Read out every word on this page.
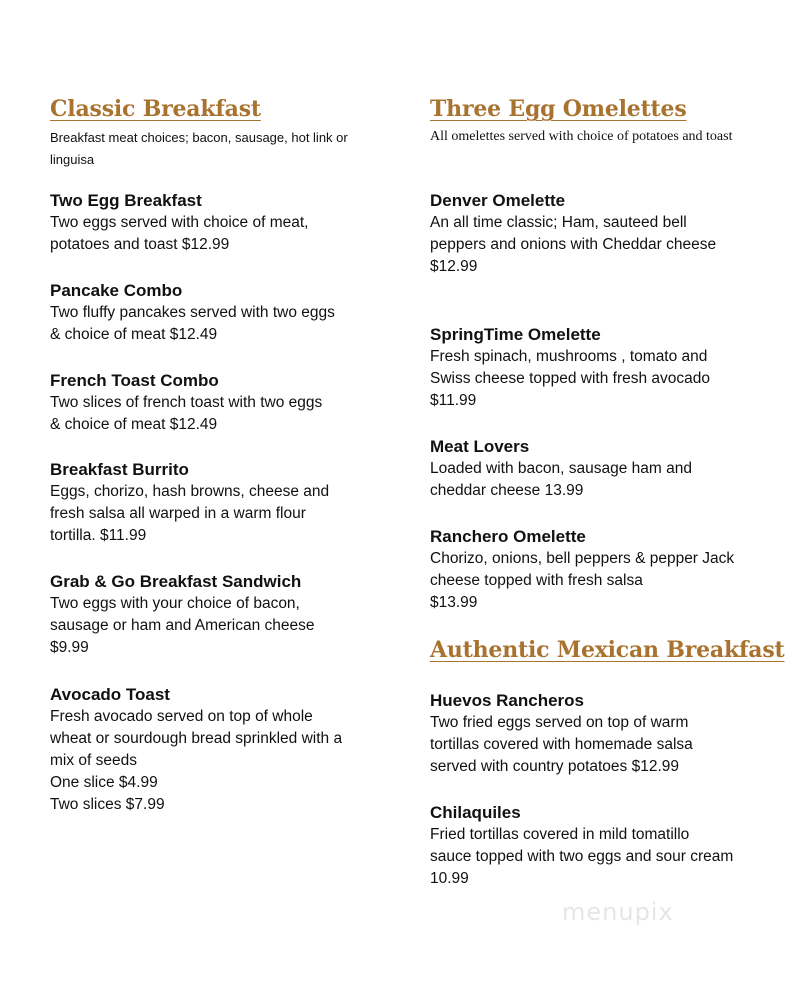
Classic Breakfast
Breakfast meat choices; bacon, sausage, hot link or
linguisa
Two Egg Breakfast
Two eggs served with choice of meat,
potatoes and toast $12.99
Pancake Combo
Two fluffy pancakes served with two eggs
& choice of meat $12.49
French Toast Combo
Two slices of french toast with two eggs
& choice of meat $12.49
Breakfast Burrito
Eggs, chorizo, hash browns, cheese and
fresh salsa all warped in a warm flour
tortilla. $11.99
Grab & Go Breakfast Sandwich
Two eggs with your choice of bacon,
sausage or ham and American cheese
$9.99
Avocado Toast
Fresh avocado served on top of whole
wheat or sourdough bread sprinkled with a
mix of seeds
One slice $4.99
Two slices $7.99
Three Egg Omelettes
All omelettes served with choice of potatoes and toast
Denver Omelette
An all time classic; Ham, sauteed bell
peppers and onions with Cheddar cheese
$12.99
SpringTime Omelette
Fresh spinach, mushrooms , tomato and
Swiss cheese topped with fresh avocado
$11.99
Meat Lovers
Loaded with bacon, sausage ham and
cheddar cheese 13.99
Ranchero Omelette
Chorizo, onions, bell peppers & pepper Jack
cheese topped with fresh salsa
$13.99
Authentic Mexican Breakfast
Huevos Rancheros
Two fried eggs served on top of warm
tortillas covered with homemade salsa
served with country potatoes $12.99
Chilaquiles
Fried tortillas covered in mild tomatillo
sauce topped with two eggs and sour cream
10.99
menupix
